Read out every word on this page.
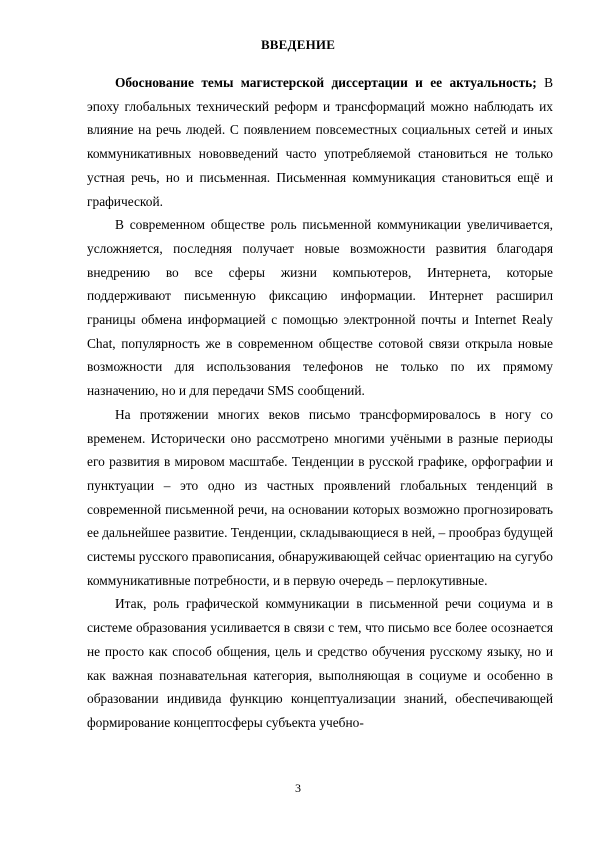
ВВЕДЕНИЕ

Обоснование темы магистерской диссертации и ее актуальность; В эпоху глобальных технический реформ и трансформаций можно наблюдать их влияние на речь людей. С появлением повсеместных социальных сетей и иных коммуникативных нововведений часто употребляемой становиться не только устная речь, но и письменная. Письменная коммуникация становиться ещё и графической.

В современном обществе роль письменной коммуникации увеличивается, усложняется, последняя получает новые возможности развития благодаря внедрению во все сферы жизни компьютеров, Интернета, которые поддерживают письменную фиксацию информации. Интернет расширил границы обмена информацией с помощью электронной почты и Internet Realy Chat, популярность же в современном обществе сотовой связи открыла новые возможности для использования телефонов не только по их прямому назначению, но и для передачи SMS сообщений.

На протяжении многих веков письмо трансформировалось в ногу со временем. Исторически оно рассмотрено многими учёными в разные периоды его развития в мировом масштабе. Тенденции в русской графике, орфографии и пунктуации – это одно из частных проявлений глобальных тенденций в современной письменной речи, на основании которых возможно прогнозировать ее дальнейшее развитие. Тенденции, складывающиеся в ней, – прообраз будущей системы русского правописания, обнаруживающей сейчас ориентацию на сугубо коммуникативные потребности, и в первую очередь – перлокутивные.

Итак, роль графической коммуникации в письменной речи социума и в системе образования усиливается в связи с тем, что письмо все более осознается не просто как способ общения, цель и средство обучения русскому языку, но и как важная познавательная категория, выполняющая в социуме и особенно в образовании индивида функцию концептуализации знаний, обеспечивающей формирование концептосферы субъекта учебно-

3
